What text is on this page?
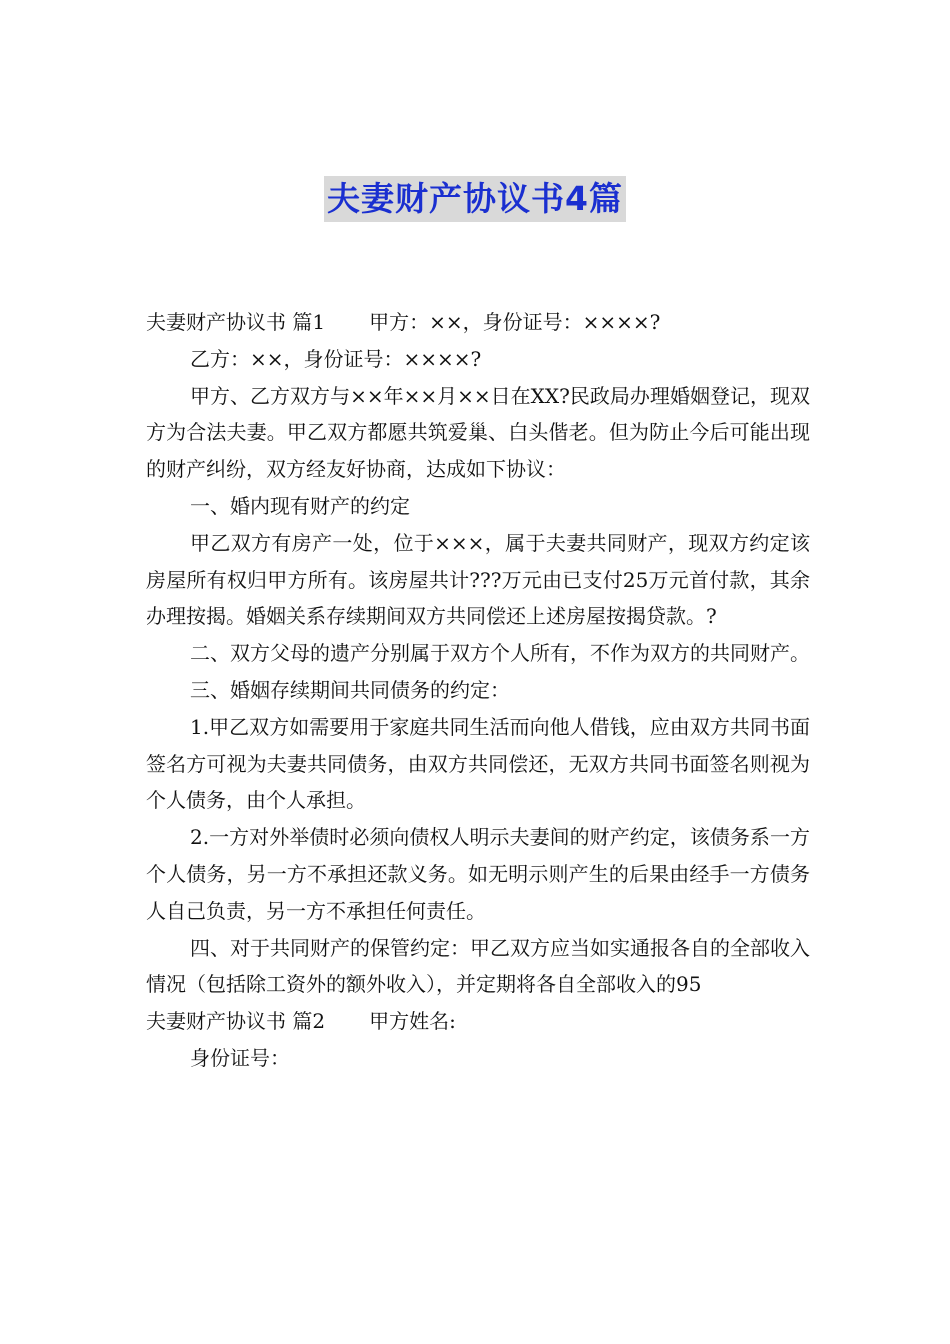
夫妻财产协议书4篇

夫妻财产协议书 篇1 甲方：××，身份证号：××××?

乙方：××，身份证号：××××?

甲方、乙方双方与××年××月××日在XX?民政局办理婚姻登记，现双方为合法夫妻。甲乙双方都愿共筑爱巢、白头偕老。但为防止今后可能出现的财产纠纷，双方经友好协商，达成如下协议：

一、婚内现有财产的约定

甲乙双方有房产一处，位于×××，属于夫妻共同财产，现双方约定该房屋所有权归甲方所有。该房屋共计???万元由已支付25万元首付款，其余办理按揭。婚姻关系存续期间双方共同偿还上述房屋按揭贷款。?

二、双方父母的遗产分别属于双方个人所有，不作为双方的共同财产。

三、婚姻存续期间共同债务的约定：

1.甲乙双方如需要用于家庭共同生活而向他人借钱，应由双方共同书面签名方可视为夫妻共同债务，由双方共同偿还，无双方共同书面签名则视为个人债务，由个人承担。

2.一方对外举债时必须向债权人明示夫妻间的财产约定，该债务系一方个人债务，另一方不承担还款义务。如无明示则产生的后果由经手一方债务人自己负责，另一方不承担任何责任。

四、对于共同财产的保管约定：甲乙双方应当如实通报各自的全部收入情况（包括除工资外的额外收入），并定期将各自全部收入的95

夫妻财产协议书 篇2 甲方姓名:

身份证号：
